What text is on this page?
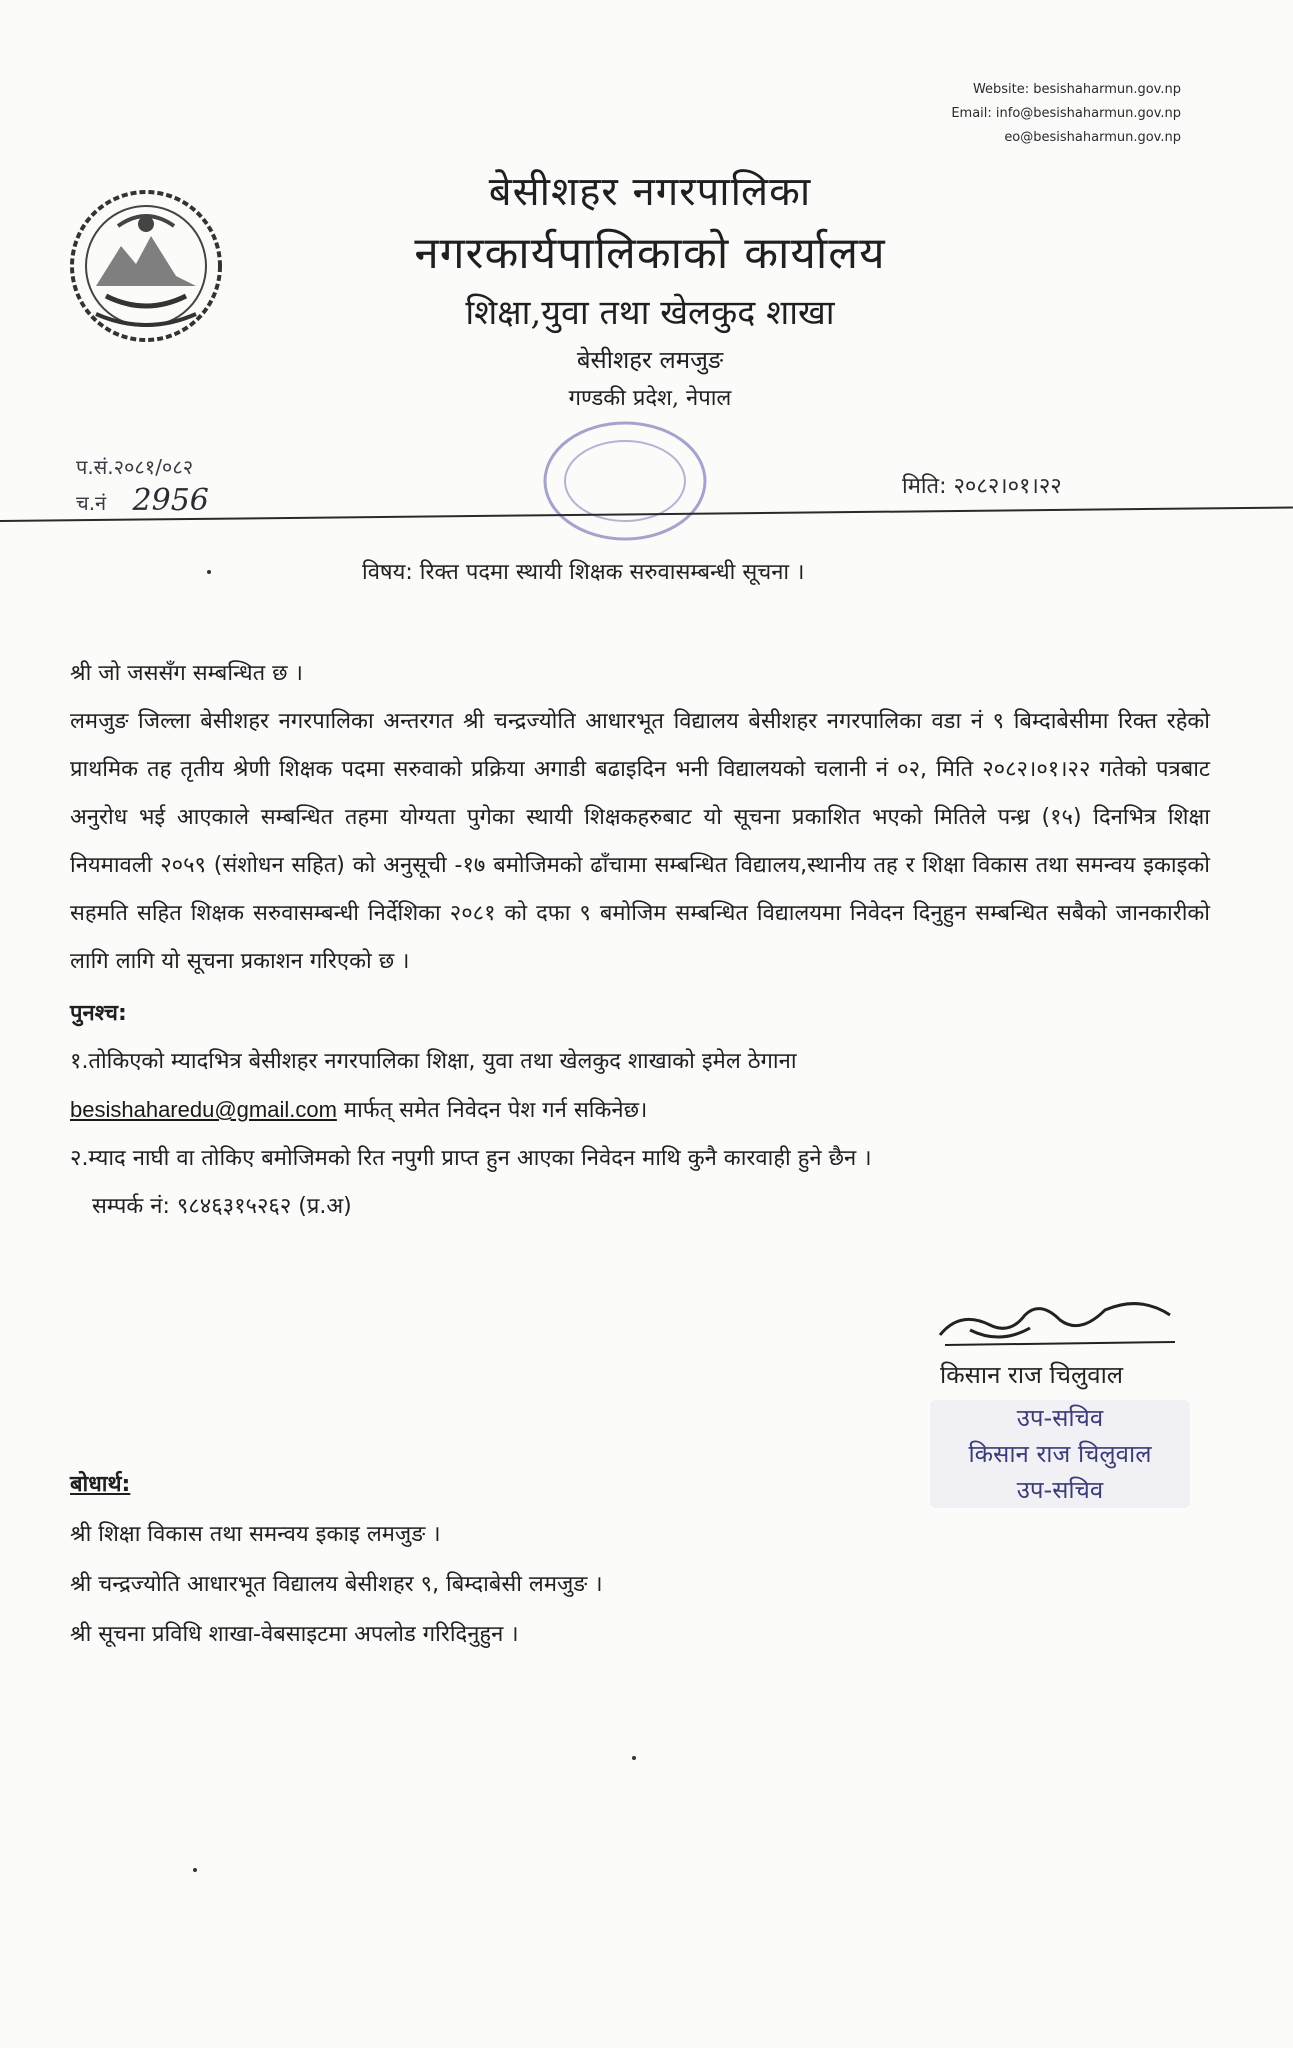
Website: besishaharmun.gov.np
Email: info@besishaharmun.gov.np
eo@besishaharmun.gov.np
बेसीशहर नगरपालिका
नगरकार्यपालिकाको कार्यालय
शिक्षा,युवा तथा खेलकुद शाखा
बेसीशहर लमजुङ
गण्डकी प्रदेश, नेपाल
प.सं.२०८१/०८२
च.नं 2956	मिति: २०८२।०१।२२
विषय: रिक्त पदमा स्थायी शिक्षक सरुवासम्बन्धी सूचना ।

श्री जो जससँग सम्बन्धित छ ।

लमजुङ जिल्ला बेसीशहर नगरपालिका अन्तरगत श्री चन्द्रज्योति आधारभूत विद्यालय बेसीशहर नगरपालिका वडा नं ९ बिम्दाबेसीमा रिक्त रहेको प्राथमिक तह तृतीय श्रेणी शिक्षक पदमा सरुवाको प्रक्रिया अगाडी बढाइदिन भनी विद्यालयको चलानी नं ०२, मिति २०८२।०१।२२ गतेको पत्रबाट अनुरोध भई आएकाले सम्बन्धित तहमा योग्यता पुगेका स्थायी शिक्षकहरुबाट यो सूचना प्रकाशित भएको मितिले पन्ध्र (१५) दिनभित्र शिक्षा नियमावली २०५९ (संशोधन सहित) को अनुसूची -१७ बमोजिमको ढाँचामा सम्बन्धित विद्यालय,स्थानीय तह र शिक्षा विकास तथा समन्वय इकाइको सहमति सहित शिक्षक सरुवासम्बन्धी निर्देशिका २०८१ को दफा ९ बमोजिम सम्बन्धित विद्यालयमा निवेदन दिनुहुन सम्बन्धित सबैको जानकारीको लागि लागि यो सूचना प्रकाशन गरिएको छ ।

पुनश्च:

१.तोकिएको म्यादभित्र बेसीशहर नगरपालिका शिक्षा, युवा तथा खेलकुद शाखाको इमेल ठेगाना
besishaharedu@gmail.com मार्फत् समेत निवेदन पेश गर्न सकिनेछ।

२.म्याद नाघी वा तोकिए बमोजिमको रित नपुगी प्राप्त हुन आएका निवेदन माथि कुनै कारवाही हुने छैन ।

सम्पर्क नं: ९८४६३१५२६२ (प्र.अ)

किसान राज चिलुवाल
उप-सचिव
किसान राज चिलुवाल
उप-सचिव
बोधार्थ:
श्री शिक्षा विकास तथा समन्वय इकाइ लमजुङ ।
श्री चन्द्रज्योति आधारभूत विद्यालय बेसीशहर ९, बिम्दाबेसी लमजुङ ।
श्री सूचना प्रविधि शाखा-वेबसाइटमा अपलोड गरिदिनुहुन ।
